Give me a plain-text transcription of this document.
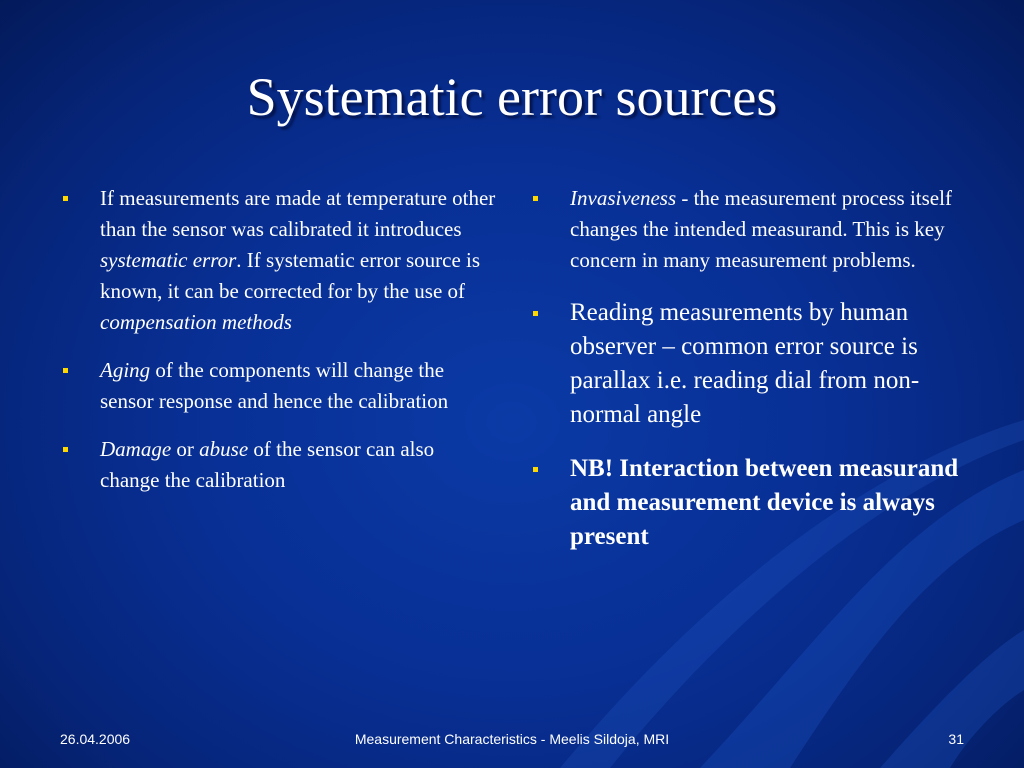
Systematic error sources
If measurements are made at temperature other than the sensor was calibrated it introduces systematic error. If systematic error source is known, it can be corrected for by the use of compensation methods
Aging of the components will change the sensor response and hence the calibration
Damage or abuse of the sensor can also change the calibration
Invasiveness - the measurement process itself changes the intended measurand. This is key concern in many measurement problems.
Reading measurements by human observer – common error source is parallax i.e. reading dial from non-normal angle
NB! Interaction between measurand and measurement device is always present
26.04.2006	Measurement Characteristics - Meelis Sildoja, MRI	31
